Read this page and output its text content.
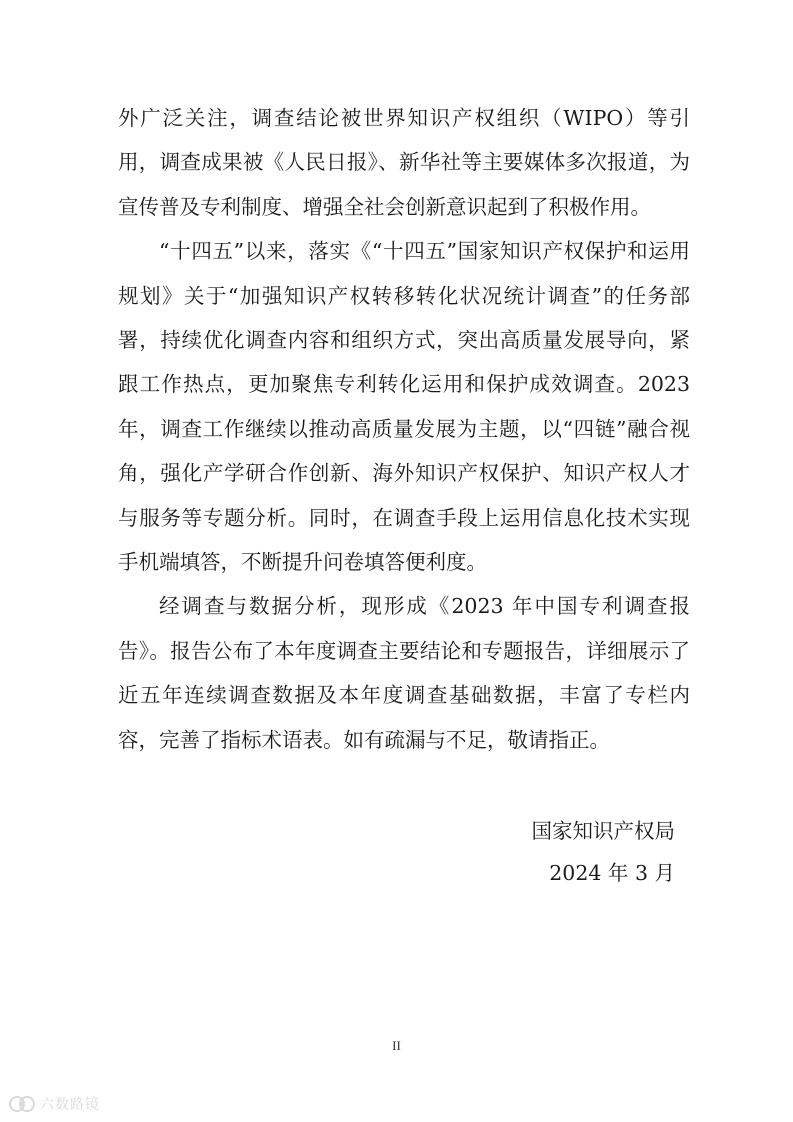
外广泛关注，调查结论被世界知识产权组织（WIPO）等引用，调查成果被《人民日报》、新华社等主要媒体多次报道，为宣传普及专利制度、增强全社会创新意识起到了积极作用。

“十四五”以来，落实《“十四五”国家知识产权保护和运用规划》关于“加强知识产权转移转化状况统计调查”的任务部署，持续优化调查内容和组织方式，突出高质量发展导向，紧跟工作热点，更加聚焦专利转化运用和保护成效调查。2023 年，调查工作继续以推动高质量发展为主题，以“四链”融合视角，强化产学研合作创新、海外知识产权保护、知识产权人才与服务等专题分析。同时，在调查手段上运用信息化技术实现手机端填答，不断提升问卷填答便利度。

经调查与数据分析，现形成《2023 年中国专利调查报告》。报告公布了本年度调查主要结论和专题报告，详细展示了近五年连续调查数据及本年度调查基础数据，丰富了专栏内容，完善了指标术语表。如有疏漏与不足，敬请指正。

国家知识产权局
2024 年 3 月
II
六数路镜
